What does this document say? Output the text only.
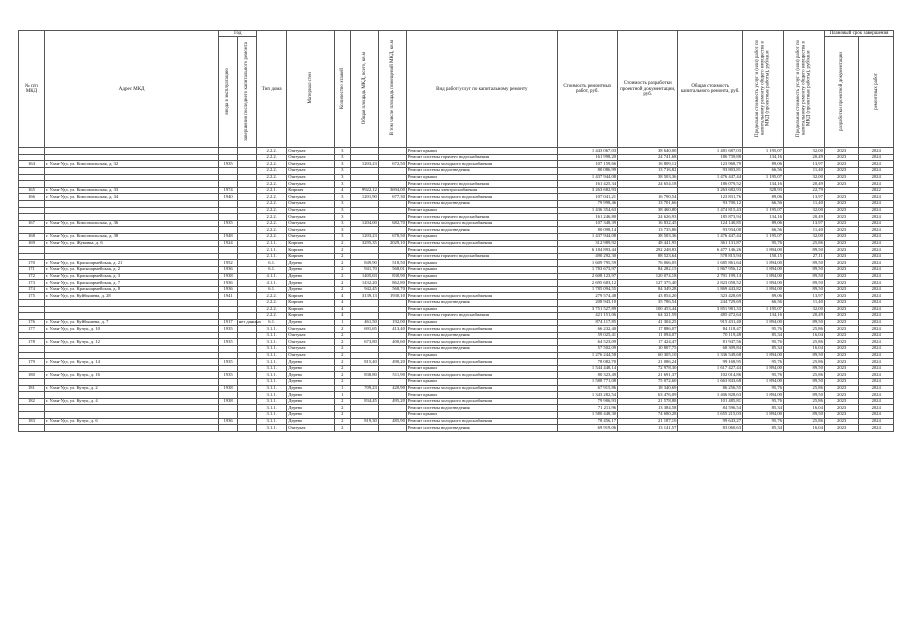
№ п/п МКД	Адрес МКД	Год		Тип дома	Материал стен	Количество этажей	Общая площадь МКД, всего, кв.м	В том числе площадь помещений МКД, кв.м	Вид работ/услуг по капитальному ремонту	Стоимость ремонтных работ, руб.	Стоимость разработки проектной документации, руб.	Общая стоимость капитального ремонта, руб.	Предельная стоимость услуг и (или) работ по капитальному ремонту общего имущества в МКД (проектные работы), руб/кв.м	Предельная стоимость услуг и (или) работ по капитальному ремонту общего имущества в МКД (проектные работы), руб/кв.м	Плановый срок завершения	
		ввода в эксплуатацию	завершения последнего капитального ремонта												разработки проектной документации	ремонтных работ
				2.2.2.	Оштукат.	3			Ремонт крыши	1 443 067,03	38 640,00	1 481 687,03	1 195,07	32,00	2023	2024
				2.2.2.	Оштукат.	3			Ремонт системы горячего водоснабжения	161 998,20	24 741,68	186 739,88	134,16	20,49	2023	2024
164	г. Улан-Удэ, ул. Комсомольская, д. 32	1935		2.2.2.	Оштукат.	3	1203,23	672,50	Ремонт системы холодного водоснабжения	107 159,66	16 809,12	123 968,79	89,06	13,97	2023	2024
				2.2.2.	Оштукат.	3			Ремонт системы водоотведения	80 086,99	13 716,82	93 803,81	66,56	11,40	2023	2024
				2.2.2.	Оштукат.	3			Ремонт крыши	1 437 944,08	38 503,36	1 476 447,44	1 195,07	32,00	2023	2024
				2.2.2.	Оштукат.	3			Ремонт системы горячего водоснабжения	161 425,34	24 654,18	186 079,52	134,16	20,49	2023	2024
165	г. Улан-Удэ, ул. Комсомольская, д. 33	1974		2.2.1.	Кирпич	4	9922,12	3694,00	Ремонт системы электроснабжения	3 263 682,93		3 263 682,93	328,93	22,79		2022
166	г. Улан-Удэ, ул. Комсомольская, д. 34	1940		2.2.2.	Оштукат.	3	1201,90	677,30	Ремонт системы холодного водоснабжения	107 041,21	16 790,54	123 831,76	89,06	13,97	2023	2024
				2.2.2.	Оштукат.	3			Ремонт системы водоотведения	79 998,46	13 701,66	93 700,12	66,56	11,40	2023	2024
				2.2.2.	Оштукат.	3			Ремонт крыши	1 436 354,63	38 460,80	1 474 815,43	1 195,07	32,00	2023	2024
				2.2.2.	Оштукат.	3			Ремонт системы горячего водоснабжения	161 246,80	24 626,93	185 873,94	134,16	20,49	2023	2024
167	г. Улан-Удэ, ул. Комсомольская, д. 36	1935		2.2.2.	Оштукат.	3	1204,00	682,70	Ремонт системы холодного водоснабжения	107 348,39	16 832,45	124 140,85	89,06	13,97	2023	2024
				2.2.2.	Оштукат.	3			Ремонт системы водоотведения	80 098,14	13 735,86	93 934,00	66,56	11,40	2023	2024
168	г. Улан-Удэ, ул. Комсомольская, д. 38	1948		2.2.2.	Оштукат.	3	1203,23	678,50	Ремонт крыши	1 437 944,08	38 503,36	1 476 447,44	1 195,07	32,00	2023	2024
169	г. Улан-Удэ, ул. Жуковка, д. 6	1924		2.1.1.	Кирпич	2	3295,35	2029,10	Ремонт системы холодного водоснабжения	312 989,92	48 441,95	361 131,87	95,76	25,86	2023	2024
				2.1.1.	Кирпич	2			Ремонт крыши	6 184 893,44	292 248,83	6 477 146,26	1 894,00	89,50	2023	2024
				2.1.1.	Кирпич	2			Ремонт системы горячего водоснабжения	490 292,30	88 523,64	578 815,94	150,15	27,11	2023	2024
170	г. Улан-Удэ, ул. Красноармейская, д. 21	1952		6.1.	Дерево	2	849,90	518,50	Ремонт крыши	1 609 795,59	76 066,05	1 685 861,64	1 894,00	89,50	2023	2024
171	г. Улан-Удэ, ул. Красноармейская, д. 2	1936		6.1.	Дерево	2	941,70	568,01	Ремонт крыши	1 783 673,97	84 282,15	1 867 956,12	1 894,00	89,50	2023	2024
172	г. Улан-Удэ, ул. Красноармейская, д. 3	1938		4.1.1.	Дерево	2	1405,63	830,90	Ремонт крыши	2 608 123,97	120 074,18	2 791 199,14	1 894,00	89,50	2023	2024
173	г. Улан-Удэ, ул. Красноармейская, д. 7	1936		4.1.1.	Дерево	2	1432,20	862,80	Ремонт крыши	2 695 683,12	127 375,40	2 823 058,52	1 894,00	89,50	2023	2024
174	г. Улан-Удэ, ул. Красноармейская, д. 8	1936		6.1.	Дерево	2	942,45	568,70	Ремонт крыши	1 785 094,55	84 349,28	1 869 443,82	1 894,00	89,50	2023	2024
175	г. Улан-Удэ, ул. Куйбышева, д. 28	1941		2.2.2.	Кирпич	4	3139,13	1930,10	Ремонт системы холодного водоснабжения	279 574,48	43 854,20	323 428,69	89,06	13,97	2023	2024
				2.2.2.	Кирпич	4			Ремонт системы водоотведения	208 943,10	35 786,54	244 729,69	66,56	11,40	2023	2024
				2.2.2.	Кирпич	4			Ремонт крыши	3 751 527,89	100 453,44	3 851 981,33	1 195,07	32,00	2023	2024
				2.2.2.	Кирпич	4			Ремонт системы горячего водоснабжения	421 151,06	64 321,59	485 472,64	134,16	20,49	2023	2024
176	г. Улан-Удэ, ул. Куйбышева, д. 7	1917	нет данных	6.1.	Дерево	1	461,50	192,00	Ремонт крыши	874 117,85	41 304,25	915 431,40	1 894,00	89,50	2023	2024
177	г. Улан-Удэ, ул. Кучук, д. 10	1935		3.1.1.	Оштукат.	2	691,65	413,40	Ремонт системы холодного водоснабжения	66 232,40	17 886,07	84 118,47	95,76	25,86	2023	2024
				3.1.1.	Оштукат.	2			Ремонт системы водоотведения	59 025,41	11 094,07	70 119,48	85,34	16,04	2023	2024
178	г. Улан-Удэ, ул. Кучук, д. 12	1935		3.1.1.	Оштукат.	2	673,80	400,60	Ремонт системы холодного водоснабжения	64 523,09	17 424,47	81 947,56	95,76	25,86	2023	2024
				3.1.1.	Оштукат.	2			Ремонт системы водоотведения	57 502,09	10 807,75	68 309,84	85,34	16,04	2023	2024
				3.1.1.	Оштукат.	2			Ремонт крыши	1 276 244,58	60 305,10	1 336 549,68	1 894,00	89,50	2023	2024
179	г. Улан-Удэ, ул. Кучук, д. 14	1935		3.1.1.	Дерево	2	815,40	490,20	Ремонт системы холодного водоснабжения	78 082,70	21 086,24	99 168,95	95,76	25,86	2023	2024
				3.1.1.	Дерево	2			Ремонт крыши	1 544 448,14	72 978,30	1 617 427,44	1 894,00	89,50	2023	2024
180	г. Улан-Удэ, ул. Кучук, д. 16	1935		3.1.1.	Дерево	2	838,80	511,90	Ремонт системы холодного водоснабжения	80 323,49	21 691,37	102 014,86	95,76	25,86	2023	2024
				3.1.1.	Дерево	2			Ремонт крыши	1 588 771,08	75 072,60	1 663 843,68	1 894,00	89,50	2023	2024
181	г. Улан-Удэ, ул. Кучук, д. 2	1938		3.1.1.	Дерево	1	709,23	420,90	Ремонт системы холодного водоснабжения	67 915,86	18 340,69	86 256,55	95,76	25,86	2023	2024
				3.1.1.	Дерево	1			Ремонт крыши	1 343 282,54	63 476,09	1 406 828,63	1 894,00	89,50	2023	2024
182	г. Улан-Удэ, ул. Кучук, д. 4	1938		3.1.1.	Дерево	2	834,45	495,20	Ремонт системы холодного водоснабжения	79 906,93	21 578,88	101 485,81	95,76	25,86	2023	2024
				3.1.1.	Дерево	2			Ремонт системы водоотведения	71 211,96	13 384,58	84 596,54	85,34	16,04	2023	2024
				3.1.1.	Дерево	2			Ремонт крыши	1 580 448,30	74 680,28	1 655 215,03	1 894,00	89,50	2023	2024
183	г. Улан-Удэ, ул. Кучук, д. 6	1936		3.1.1.	Дерево	2	819,30	485,90	Ремонт системы холодного водоснабжения	78 456,17	21 187,10	99 643,27	95,76	25,86	2023	2024
				3.1.1.	Оштукат.	2			Ремонт системы водоотведения	69 919,06	13 141,57	83 060,63	85,34	16,04	2023	2024
